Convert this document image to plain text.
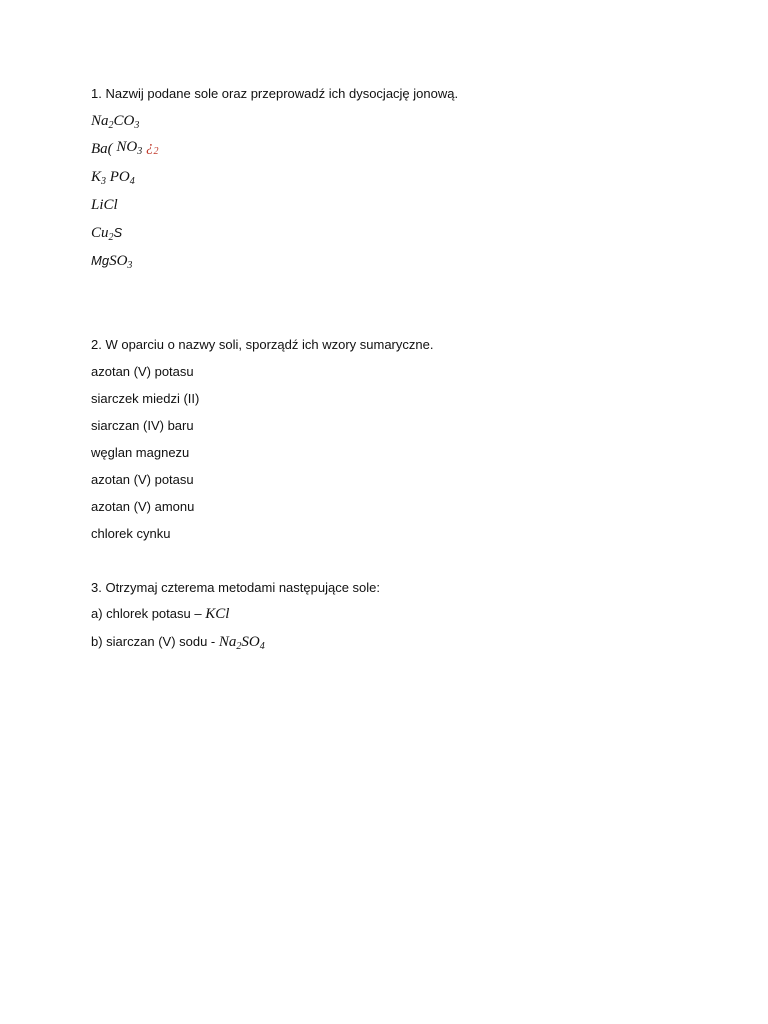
1. Nazwij podane sole oraz przeprowadź ich dysocjację jonową.
$Na_2CO_3$
Ba( $NO_3$ ¿$_2$
$K_3$ $PO_4$
LiCl
$Cu_2S$
MgSO$_3$
2. W oparciu o nazwy soli, sporządź ich wzory sumaryczne.
azotan (V) potasu
siarczek miedzi (II)
siarczan (IV) baru
węglan magnezu
azotan (V) potasu
azotan (V) amonu
chlorek cynku
3. Otrzymaj czterema metodami następujące sole:
a) chlorek potasu – KCl
b) siarczan (V) sodu - $Na_2SO_4$
